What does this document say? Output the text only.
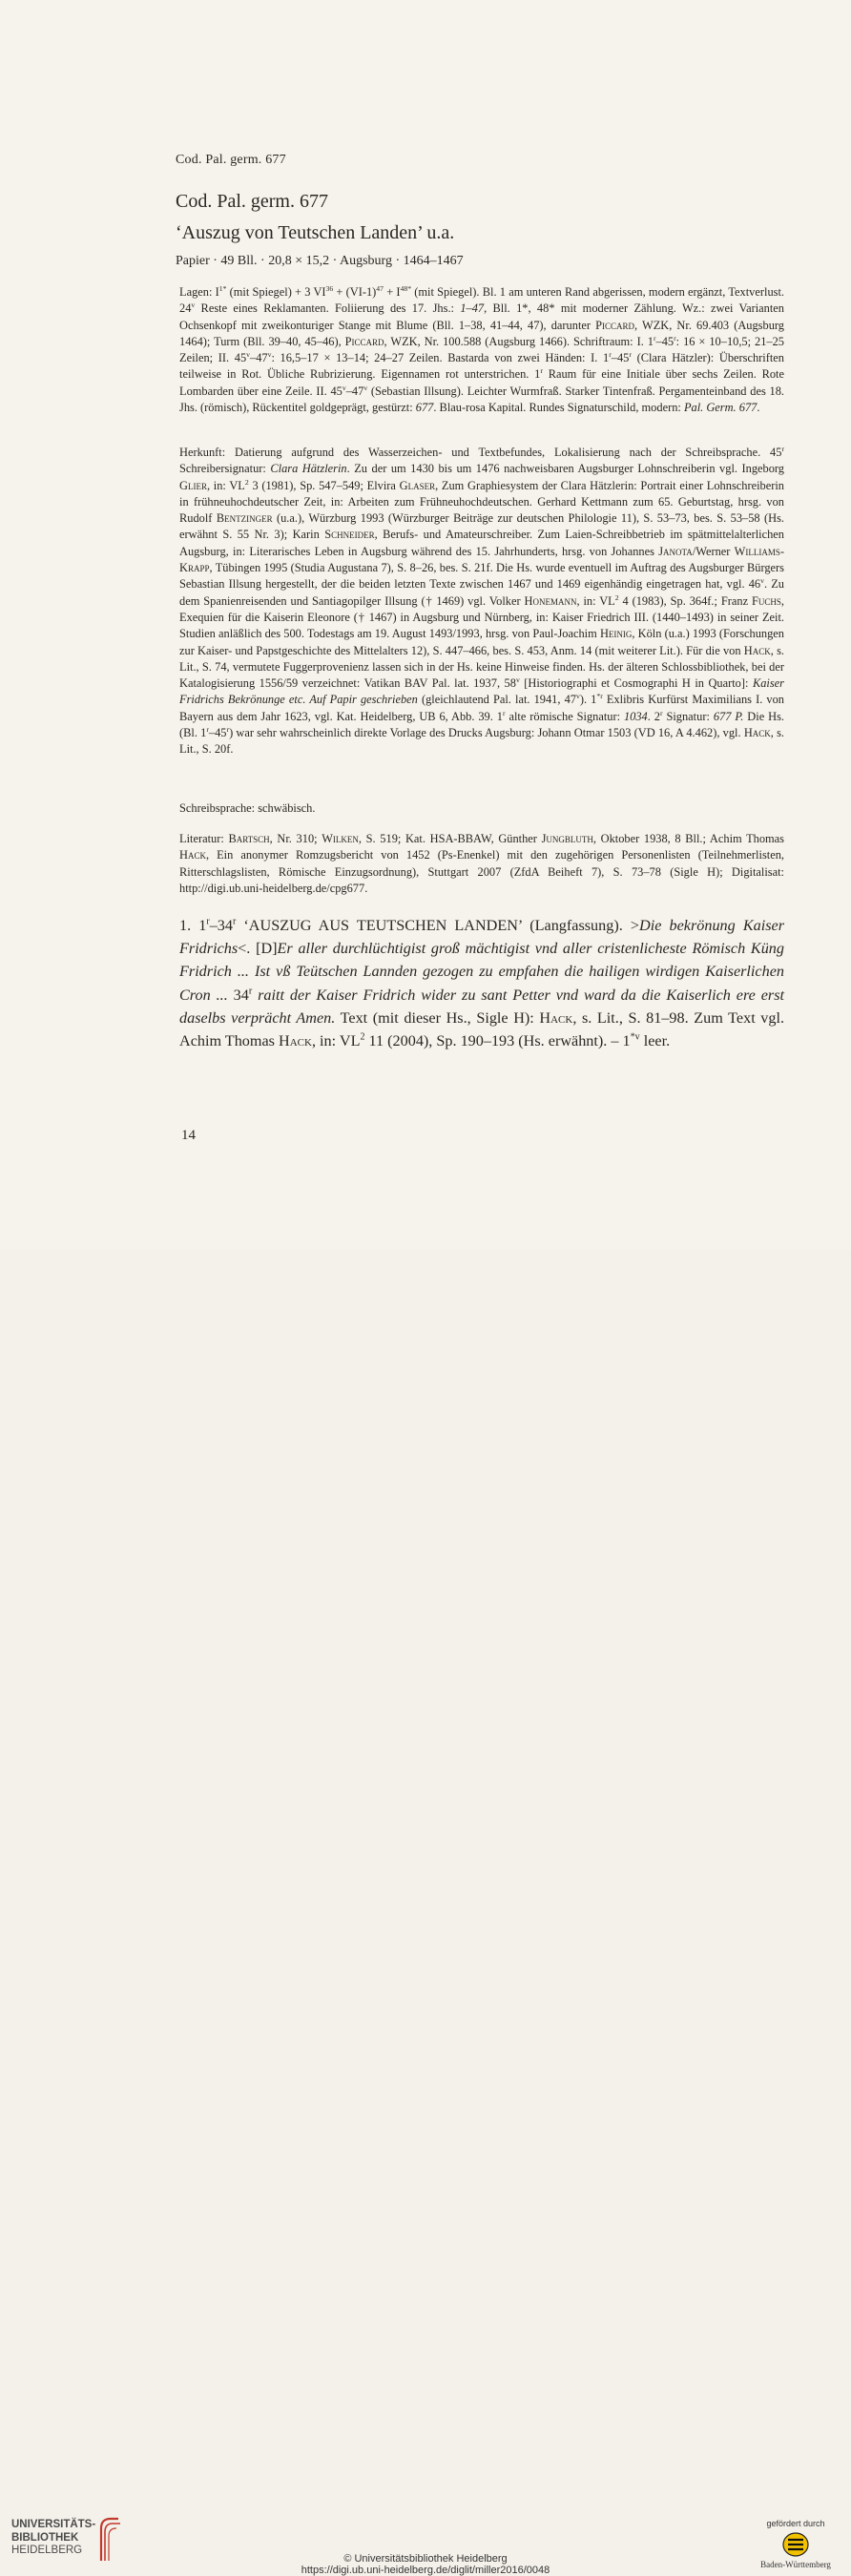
Cod. Pal. germ. 677
Cod. Pal. germ. 677
‘Auszug von Teutschen Landen’ u.a.
Papier · 49 Bll. · 20,8 × 15,2 · Augsburg · 1464–1467
Lagen: $I^{1*}$ (mit Spiegel) + 3 $VI^{36} + (VI-1)^{47} + I^{48*}$ (mit Spiegel). Bl. 1 am unteren Rand abgerissen, modern ergänzt, Textverlust. 24$^v$ Reste eines Reklamanten. Foliierung des 17. Jhs.: 1–47, Bll. 1*, 48* mit moderner Zählung. Wz.: zwei Varianten Ochsenkopf mit zweikonturiger Stange mit Blume (Bll. 1–38, 41–44, 47), darunter Piccard, WZK, Nr. 69.403 (Augsburg 1464); Turm (Bll. 39–40, 45–46), Piccard, WZK, Nr. 100.588 (Augsburg 1466). Schriftraum: I. 1$^r$–45$^r$: 16 × 10–10,5; 21–25 Zeilen; II. 45$^v$–47$^v$: 16,5–17 × 13–14; 24–27 Zeilen. Bastarda von zwei Händen: I. 1$^r$–45$^r$ (Clara Hätzler): Überschriften teilweise in Rot. Übliche Rubrizierung. Eigennamen rot unterstrichen. 1$^r$ Raum für eine Initiale über sechs Zeilen. Rote Lombarden über eine Zeile. II. 45$^v$–47$^v$ (Sebastian Illsung). Leichter Wurmfraß. Starker Tintenfraß. Pergamenteinband des 18. Jhs. (römisch), Rückentitel goldgeprägt, gestürzt: 677. Blau-rosa Kapital. Rundes Signaturschild, modern: Pal. Germ. 677.
Herkunft: Datierung aufgrund des Wasserzeichen- und Textbefundes, Lokalisierung nach der Schreibsprache. 45$^r$ Schreibersignatur: Clara Hätzlerin. Zu der um 1430 bis um 1476 nachweisbaren Augsburger Lohnschreiberin vgl. Ingeborg Glier, in: $VL^2$ 3 (1981), Sp. 547–549; Elvira Glaser, Zum Graphiesystem der Clara Hätzlerin: Portrait einer Lohnschreiberin in frühneuhochdeutscher Zeit, in: Arbeiten zum Frühneuhochdeutschen. Gerhard Kettmann zum 65. Geburtstag, hrsg. von Rudolf Bentzinger (u.a.), Würzburg 1993 (Würzburger Beiträge zur deutschen Philologie 11), S. 53–73, bes. S. 53–58 (Hs. erwähnt S. 55 Nr. 3); Karin Schneider, Berufs- und Amateurschreiber. Zum Laien-Schreibbetrieb im spätmittelalterlichen Augsburg, in: Literarisches Leben in Augsburg während des 15. Jahrhunderts, hrsg. von Johannes Janota/Werner Williams-Krapp, Tübingen 1995 (Studia Augustana 7), S. 8–26, bes. S. 21f. Die Hs. wurde eventuell im Auftrag des Augsburger Bürgers Sebastian Illsung hergestellt, der die beiden letzten Texte zwischen 1467 und 1469 eigenhändig eingetragen hat, vgl. 46$^v$. Zu dem Spanienreisenden und Santiagopilger Illsung († 1469) vgl. Volker Honemann, in: $VL^2$ 4 (1983), Sp. 364f.; Franz Fuchs, Exequien für die Kaiserin Eleonore († 1467) in Augsburg und Nürnberg, in: Kaiser Friedrich III. (1440–1493) in seiner Zeit. Studien anläßlich des 500. Todestags am 19. August 1493/1993, hrsg. von Paul-Joachim Heinig, Köln (u.a.) 1993 (Forschungen zur Kaiser- und Papstgeschichte des Mittelalters 12), S. 447–466, bes. S. 453, Anm. 14 (mit weiterer Lit.). Für die von Hack, s. Lit., S. 74, vermutete Fuggerprovenienz lassen sich in der Hs. keine Hinweise finden. Hs. der älteren Schlossbibliothek, bei der Katalogisierung 1556/59 verzeichnet: Vatikan BAV Pal. lat. 1937, 58$^v$ [Historiographi et Cosmographi H in Quarto]: Kaiser Fridrichs Bekrönunge etc. Auf Papir geschrieben (gleichlautend Pal. lat. 1941, 47$^v$). 1$^{*r}$ Exlibris Kurfürst Maximilians I. von Bayern aus dem Jahr 1623, vgl. Kat. Heidelberg, UB 6, Abb. 39. 1$^r$ alte römische Signatur: 1034. 2$^r$ Signatur: 677 P. Die Hs. (Bl. 1$^r$–45$^r$) war sehr wahrscheinlich direkte Vorlage des Drucks Augsburg: Johann Otmar 1503 (VD 16, A 4.462), vgl. Hack, s. Lit., S. 20f.
Schreibsprache: schwäbisch.
Literatur: Bartsch, Nr. 310; Wilken, S. 519; Kat. HSA-BBAW, Günther Jungbluth, Oktober 1938, 8 Bll.; Achim Thomas Hack, Ein anonymer Romzugsbericht von 1452 (Ps-Enenkel) mit den zugehörigen Personenlisten (Teilnehmerlisten, Ritterschlagslisten, Römische Einzugsordnung), Stuttgart 2007 (ZfdA Beiheft 7), S. 73–78 (Sigle H); Digitalisat: http://digi.ub.uni-heidelberg.de/cpg677.
1. 1$^r$–34$^r$ ‘AUSZUG AUS TEUTSCHEN LANDEN’ (Langfassung). >Die bekrönung Kaiser Fridrichs<. [D]Er aller durchlüchtigist groß mächtigist vnd aller cristenlicheste Römisch Küng Fridrich ... Ist vß Teütschen Lannden gezogen zu empfahen die hailigen wirdigen Kaiserlichen Cron ... 34$^r$ raitt der Kaiser Fridrich wider zu sant Petter vnd ward da die Kaiserlich ere erst daselbs verprächt Amen. Text (mit dieser Hs., Sigle H): Hack, s. Lit., S. 81–98. Zum Text vgl. Achim Thomas Hack, in: $VL^2$ 11 (2004), Sp. 190–193 (Hs. erwähnt). – 1$^{*v}$ leer.
14
UNIVERSITÄTS-
BIBLIOTHEK
HEIDELBERG
© Universitätsbibliothek Heidelberg
https://digi.ub.uni-heidelberg.de/diglit/miller2016/0048
gefördert durch
Baden-Württemberg
